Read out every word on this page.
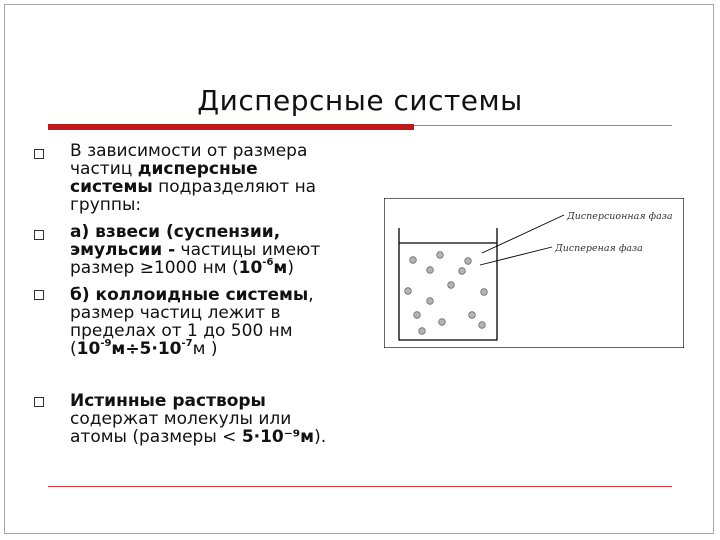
Дисперсные системы
В зависимости от размера
частиц дисперсные
системы подразделяют на
группы:
а) взвеси (суспензии,
эмульсии - частицы имеют
размер ≥1000 нм $(10^{-6}м)$
б) коллоидные системы,
размер частиц лежит в
пределах от 1 до 500 нм
($10^{-9}м\div 5\cdot 10^{-7}м$ )
Истинные растворы
содержат молекулы или
атомы (размеры < 5·10⁻⁹м).
Дисперсионная фаза
Диспереная фаза
